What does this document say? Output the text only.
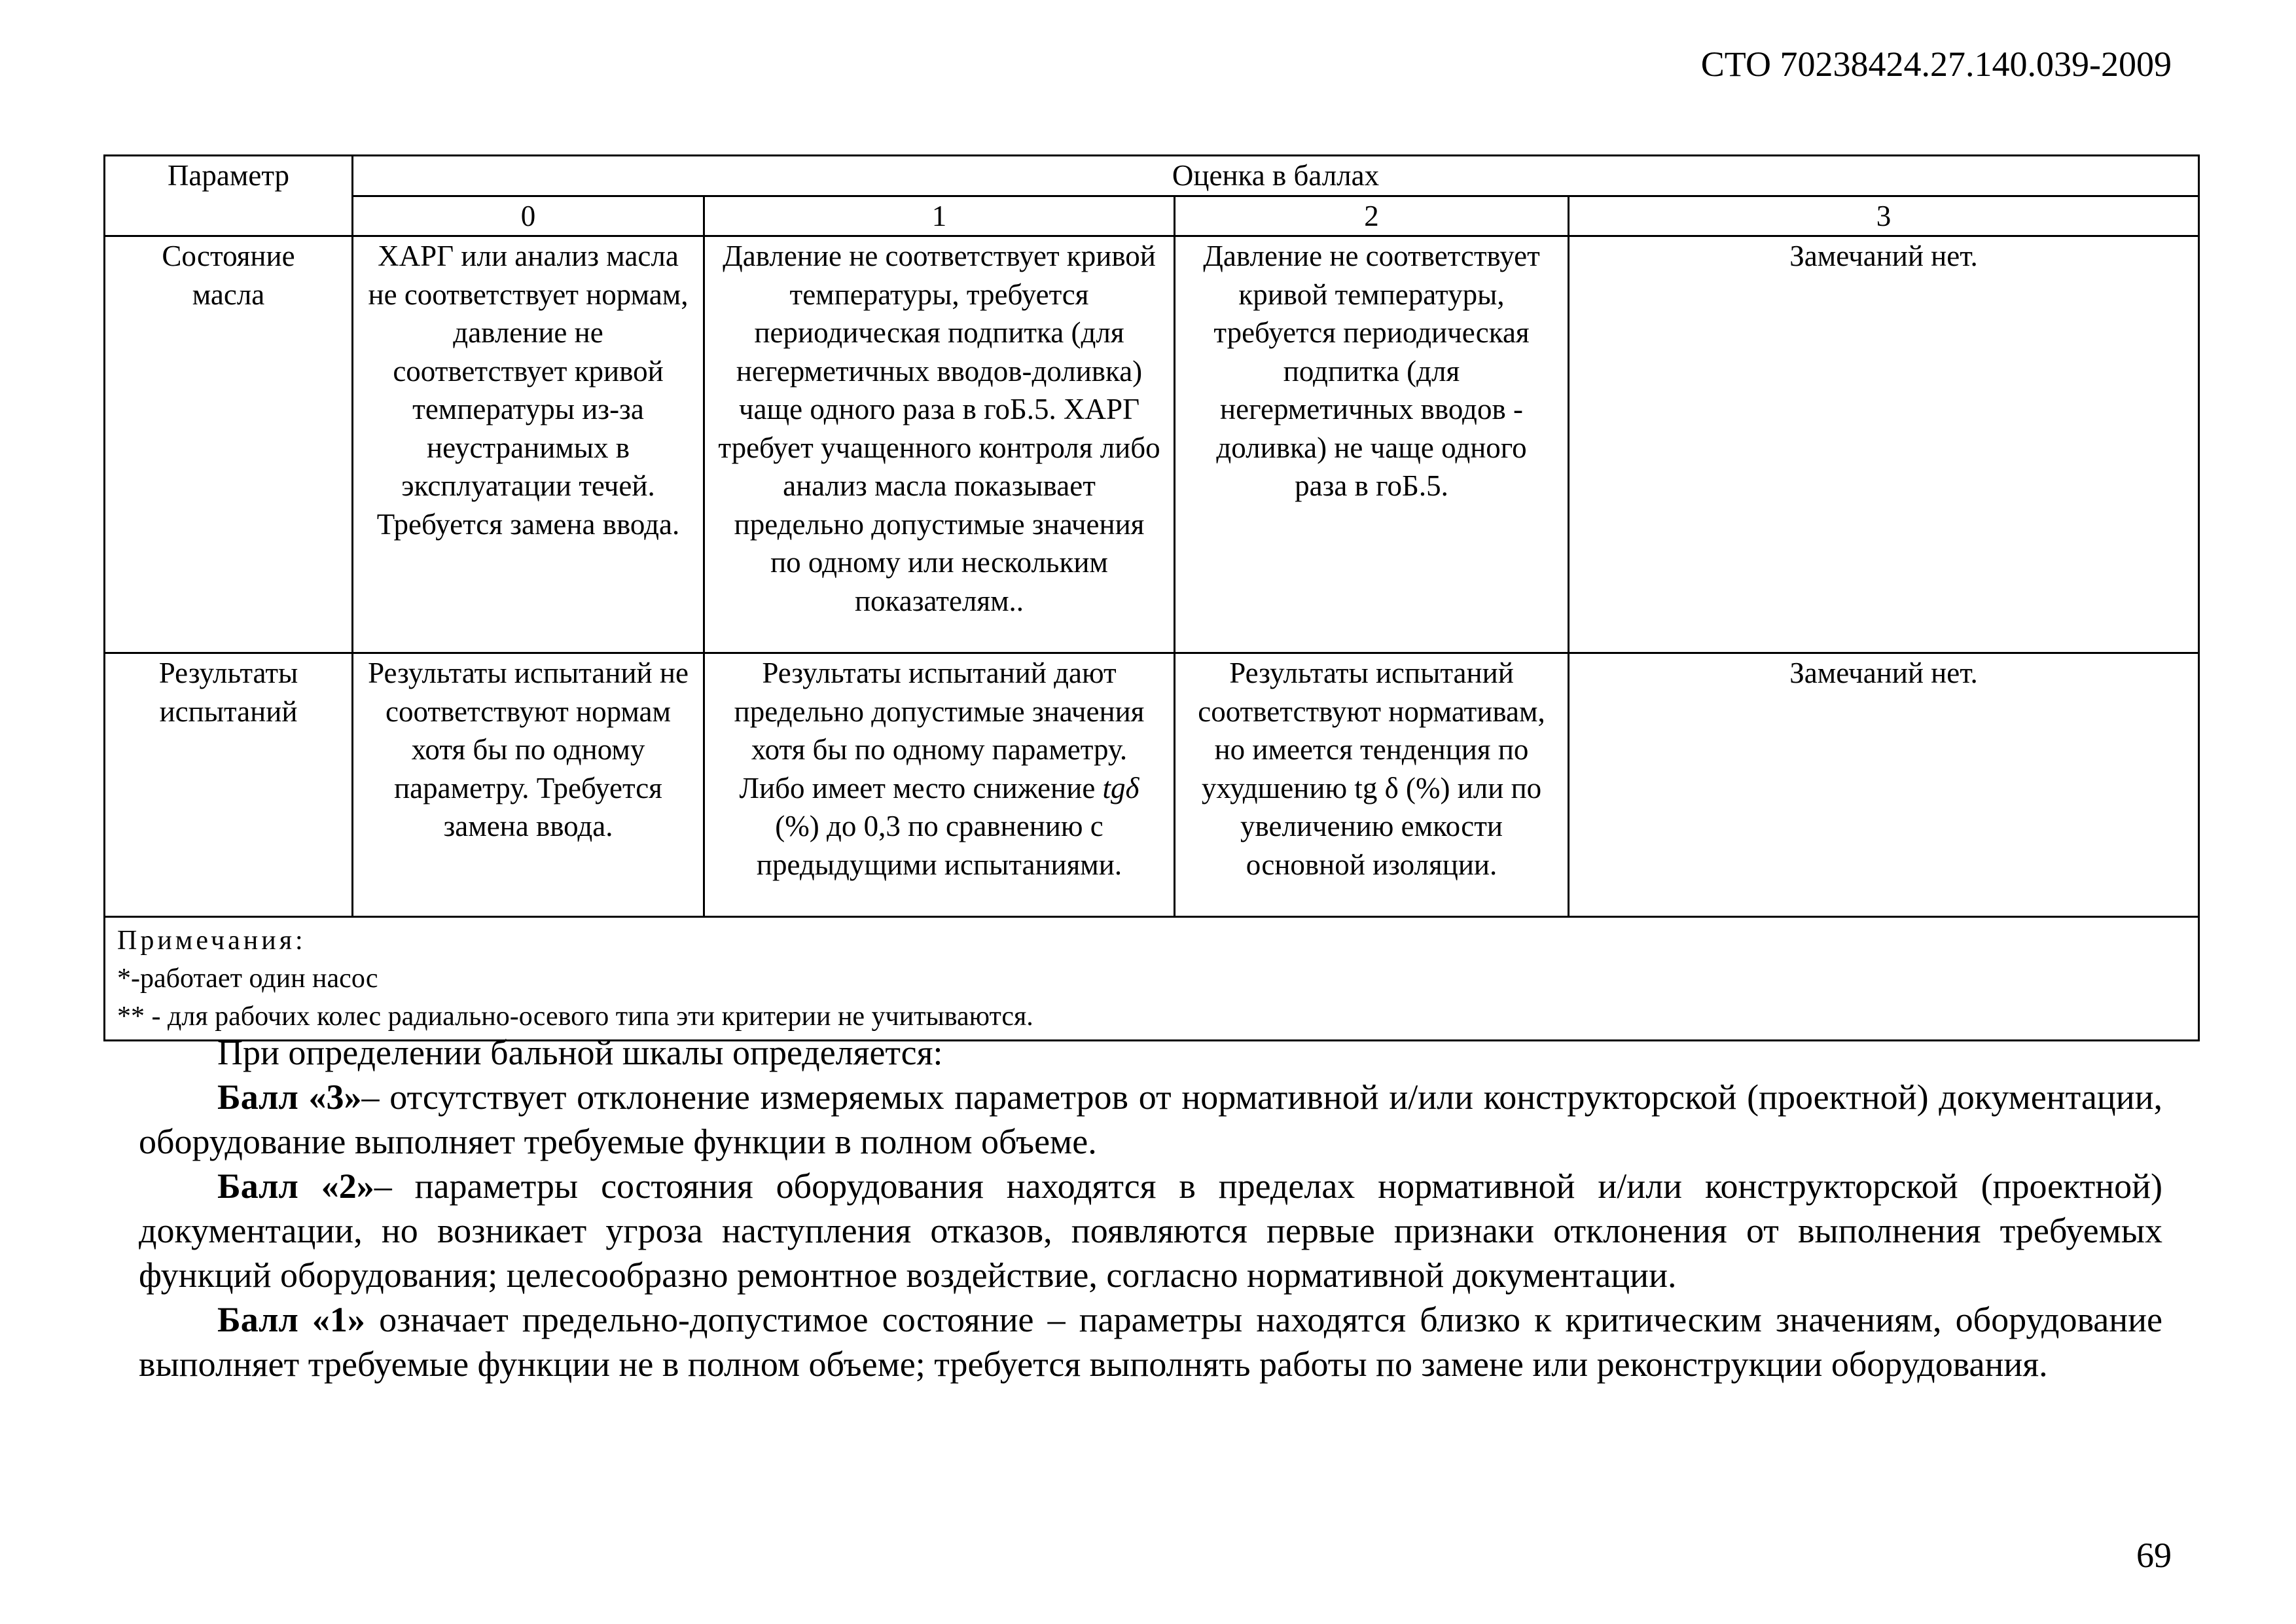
СТО 70238424.27.140.039-2009
Параметр	Оценка в баллах			
	0	1	2	3
Состояние масла	ХАРГ или анализ масла не соответствует нормам, давление не соответствует кривой температуры из-за неустранимых в эксплуатации течей. Требуется замена ввода.	Давление не соответствует кривой температуры, требуется периодическая подпитка (для негерметичных вводов-доливка) чаще одного раза в гоБ.5. ХАРГ требует учащенного контроля либо анализ масла показывает предельно допустимые значения по одному или нескольким показателям..	Давление не соответствует кривой температуры, требуется периодическая подпитка (для негерметичных вводов - доливка) не чаще одного раза в гоБ.5.	Замечаний нет.
Результаты испытаний	Результаты испытаний не соответствуют нормам хотя бы по одному параметру. Требуется замена ввода.	Результаты испытаний дают предельно допустимые значения хотя бы по одному параметру. Либо имеет место снижение tgδ (%) до 0,3 по сравнению с предыдущими испытаниями.	Результаты испытаний соответствуют нормативам, но имеется тенденция по ухудшению tg δ (%) или по увеличению емкости основной изоляции.	Замечаний нет.

Примечания:
*-работает один насос
** - для рабочих колес радиально-осевого типа эти критерии не учитываются.				

При определении бальной шкалы определяется:

Балл «3»– отсутствует отклонение измеряемых параметров от нормативной и/или конструкторской (проектной) документации, оборудование выполняет требуемые функции в полном объеме.

Балл «2»– параметры состояния оборудования находятся в пределах нормативной и/или конструкторской (проектной) документации, но возникает угроза наступления отказов, появляются первые признаки отклонения от выполнения требуемых функций оборудования; целесообразно ремонтное воздействие, согласно нормативной документации.

Балл «1» означает предельно-допустимое состояние – параметры находятся близко к критическим значениям, оборудование выполняет требуемые функции не в полном объеме; требуется выполнять работы по замене или реконструкции оборудования.

69
